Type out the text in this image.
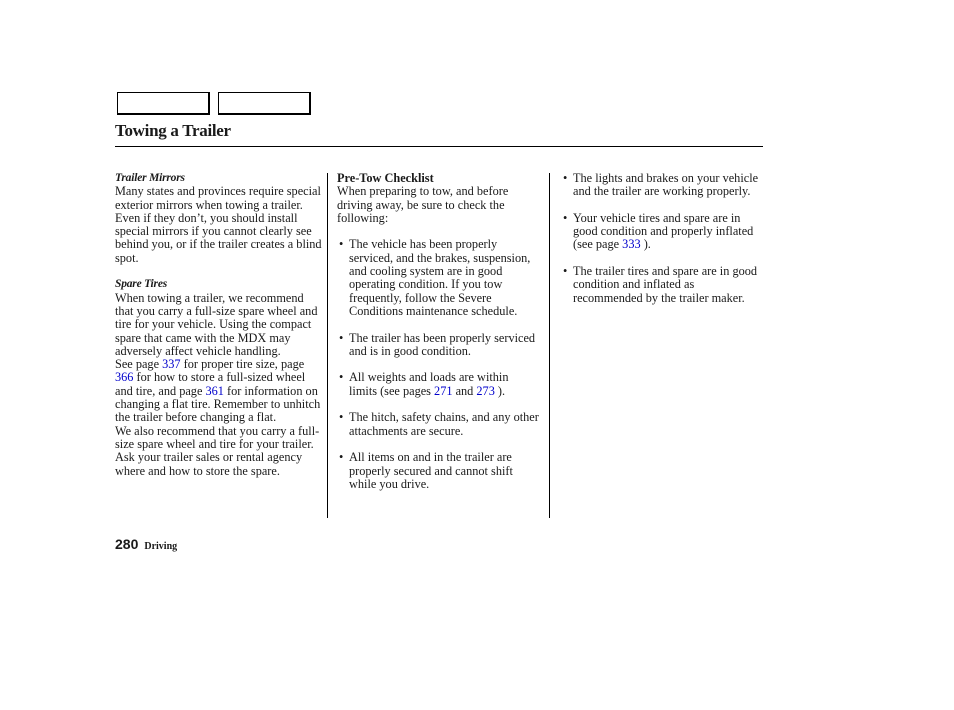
Towing a Trailer

Trailer Mirrors

Many states and provinces require special exterior mirrors when towing a trailer. Even if they don’t, you should install special mirrors if you cannot clearly see behind you, or if the trailer creates a blind spot.

Spare Tires

When towing a trailer, we recommend that you carry a full-size spare wheel and tire for your vehicle. Using the compact spare that came with the MDX may adversely affect vehicle handling.

See page 337 for proper tire size, page 366 for how to store a full-sized wheel and tire, and page 361 for information on changing a flat tire. Remember to unhitch the trailer before changing a flat.

We also recommend that you carry a full-size spare wheel and tire for your trailer. Ask your trailer sales or rental agency where and how to store the spare.

Pre-Tow Checklist

When preparing to tow, and before driving away, be sure to check the following:

• The vehicle has been properly serviced, and the brakes, suspension, and cooling system are in good operating condition. If you tow frequently, follow the Severe Conditions maintenance schedule.
• The trailer has been properly serviced and is in good condition.
• All weights and loads are within limits (see pages 271 and 273 ).
• The hitch, safety chains, and any other attachments are secure.
• All items on and in the trailer are properly secured and cannot shift while you drive.
• The lights and brakes on your vehicle and the trailer are working properly.
• Your vehicle tires and spare are in good condition and properly inflated (see page 333 ).
• The trailer tires and spare are in good condition and inflated as recommended by the trailer maker.
280 Driving
